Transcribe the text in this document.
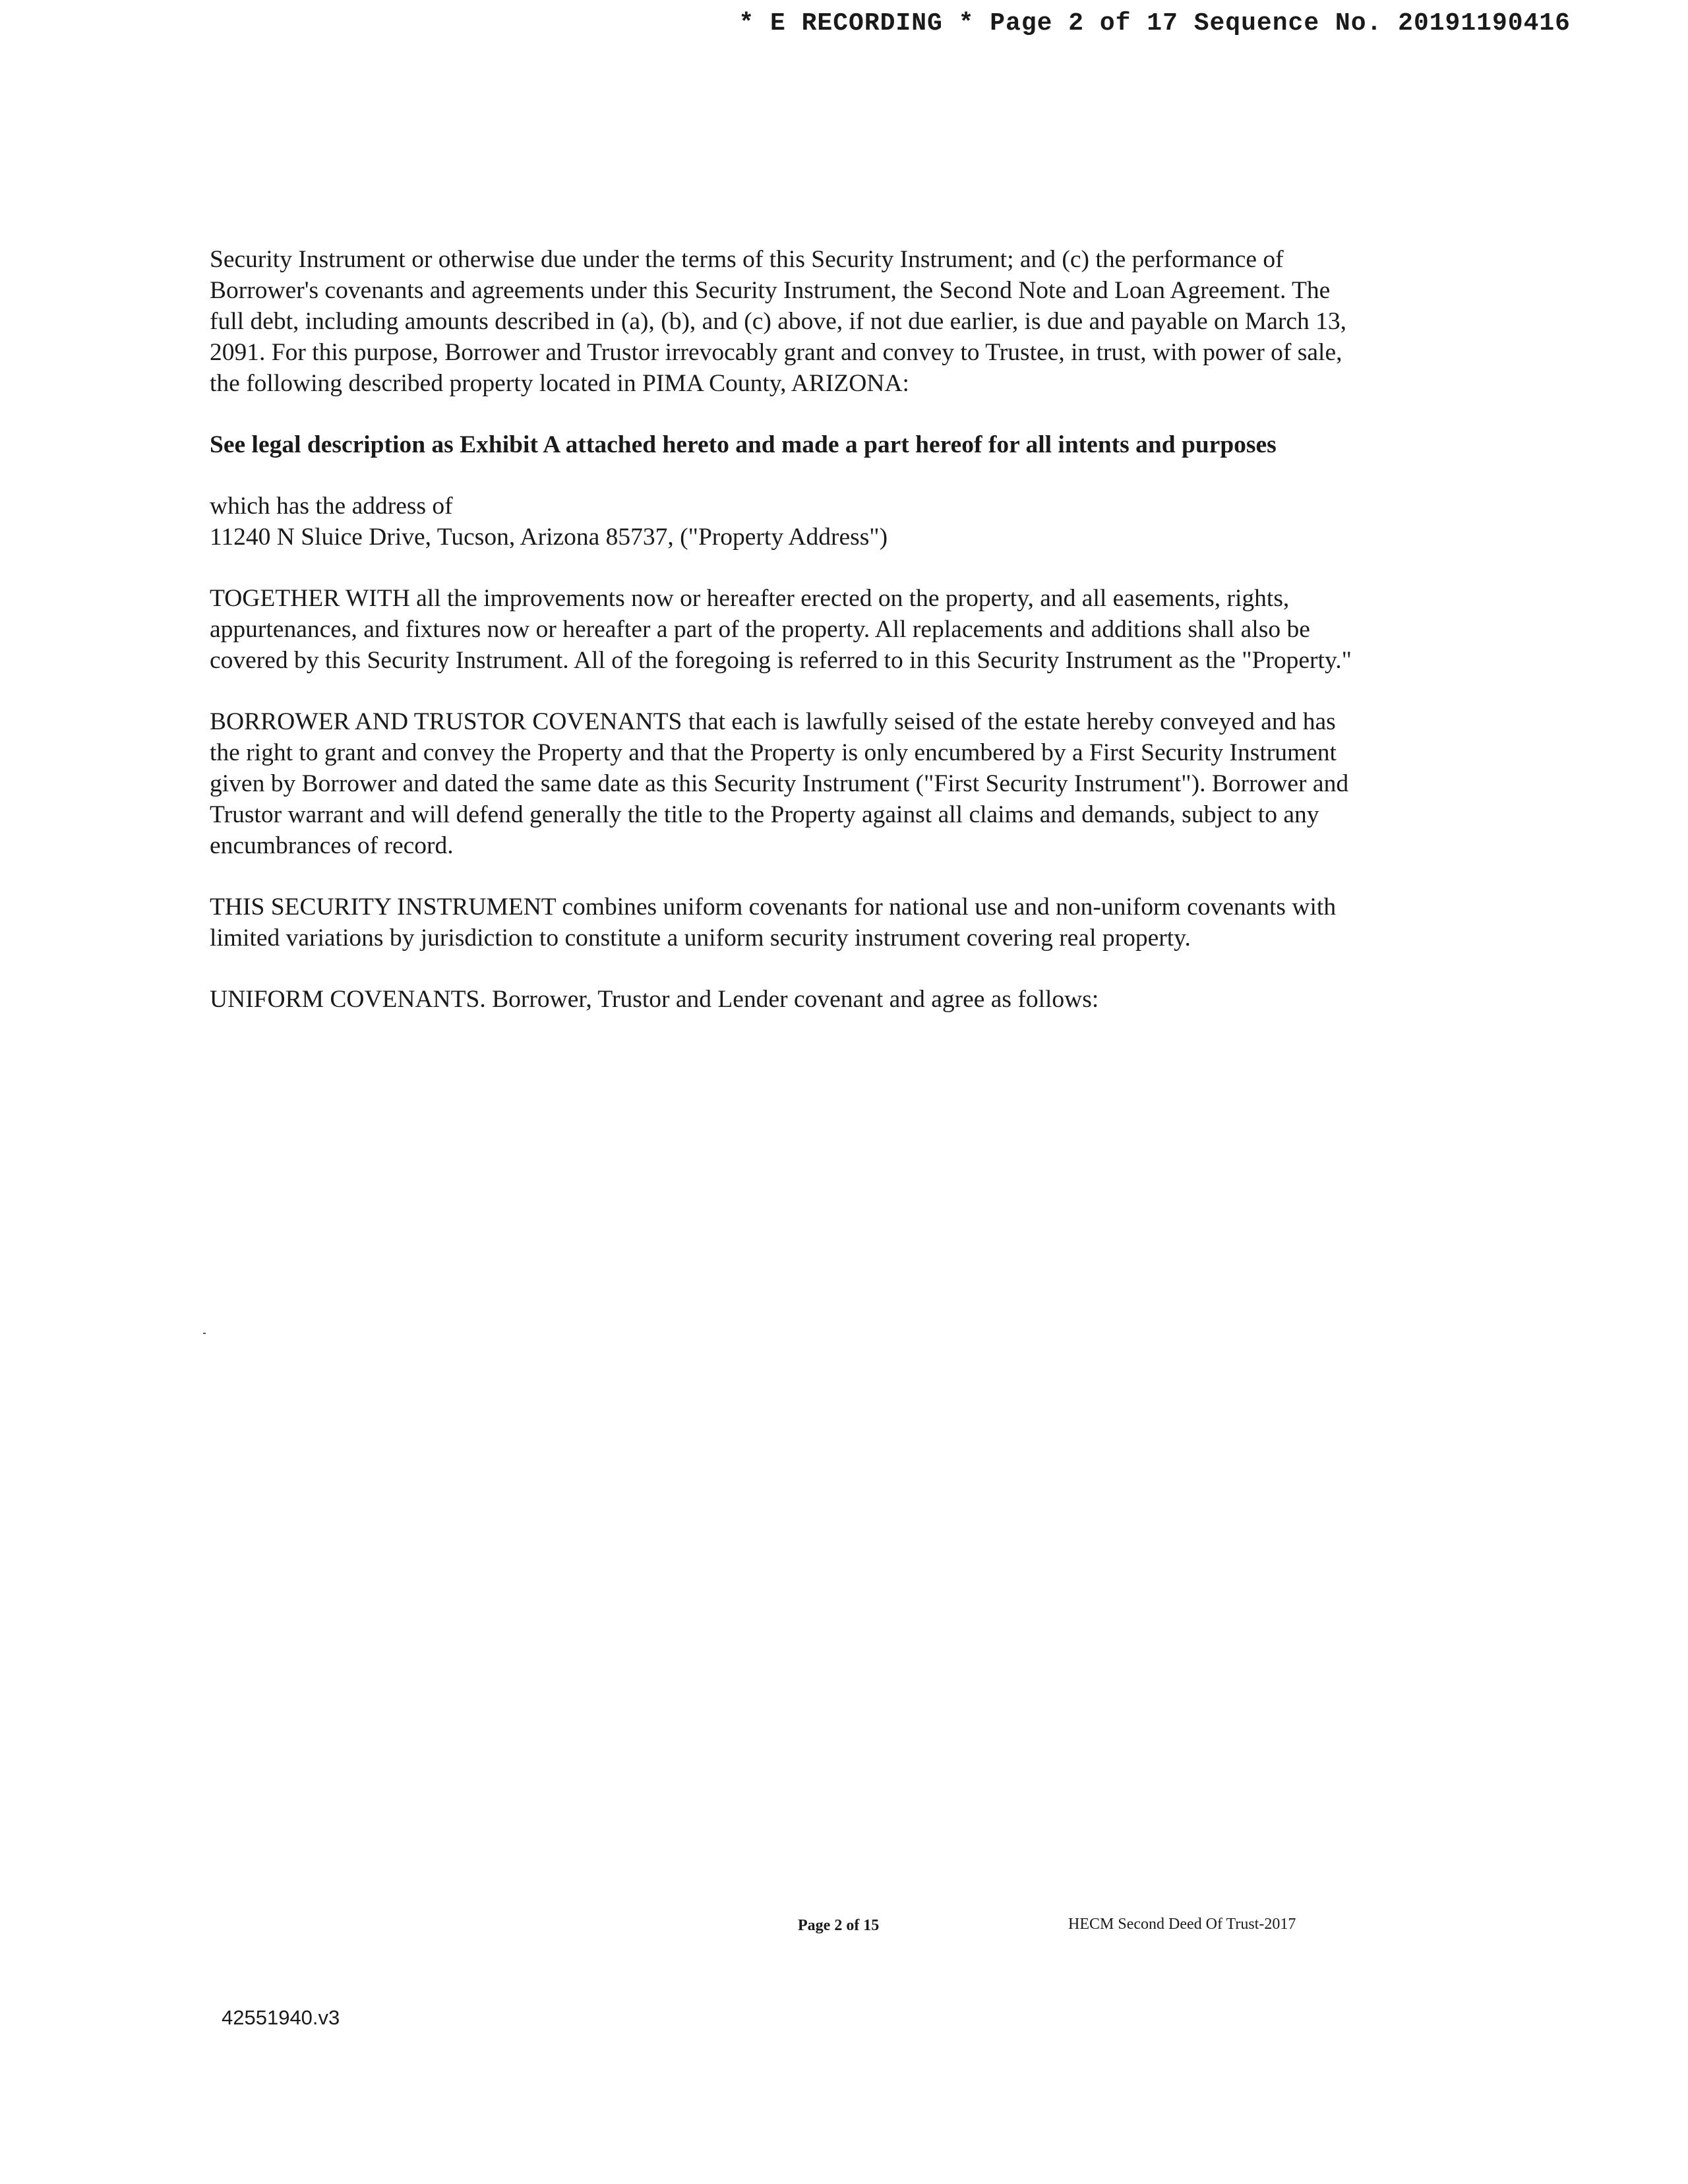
* E RECORDING * Page 2 of 17 Sequence No. 20191190416

Security Instrument or otherwise due under the terms of this Security Instrument; and (c) the performance of Borrower's covenants and agreements under this Security Instrument, the Second Note and Loan Agreement. The full debt, including amounts described in (a), (b), and (c) above, if not due earlier, is due and payable on March 13, 2091. For this purpose, Borrower and Trustor irrevocably grant and convey to Trustee, in trust, with power of sale, the following described property located in PIMA County, ARIZONA:

See legal description as Exhibit A attached hereto and made a part hereof for all intents and purposes

which has the address of
11240 N Sluice Drive, Tucson, Arizona 85737, ("Property Address")

TOGETHER WITH all the improvements now or hereafter erected on the property, and all easements, rights, appurtenances, and fixtures now or hereafter a part of the property. All replacements and additions shall also be covered by this Security Instrument. All of the foregoing is referred to in this Security Instrument as the "Property."

BORROWER AND TRUSTOR COVENANTS that each is lawfully seised of the estate hereby conveyed and has the right to grant and convey the Property and that the Property is only encumbered by a First Security Instrument given by Borrower and dated the same date as this Security Instrument ("First Security Instrument"). Borrower and Trustor warrant and will defend generally the title to the Property against all claims and demands, subject to any encumbrances of record.

THIS SECURITY INSTRUMENT combines uniform covenants for national use and non-uniform covenants with limited variations by jurisdiction to constitute a uniform security instrument covering real property.

UNIFORM COVENANTS. Borrower, Trustor and Lender covenant and agree as follows:

Page 2 of 15	HECM Second Deed Of Trust-2017
42551940.v3
